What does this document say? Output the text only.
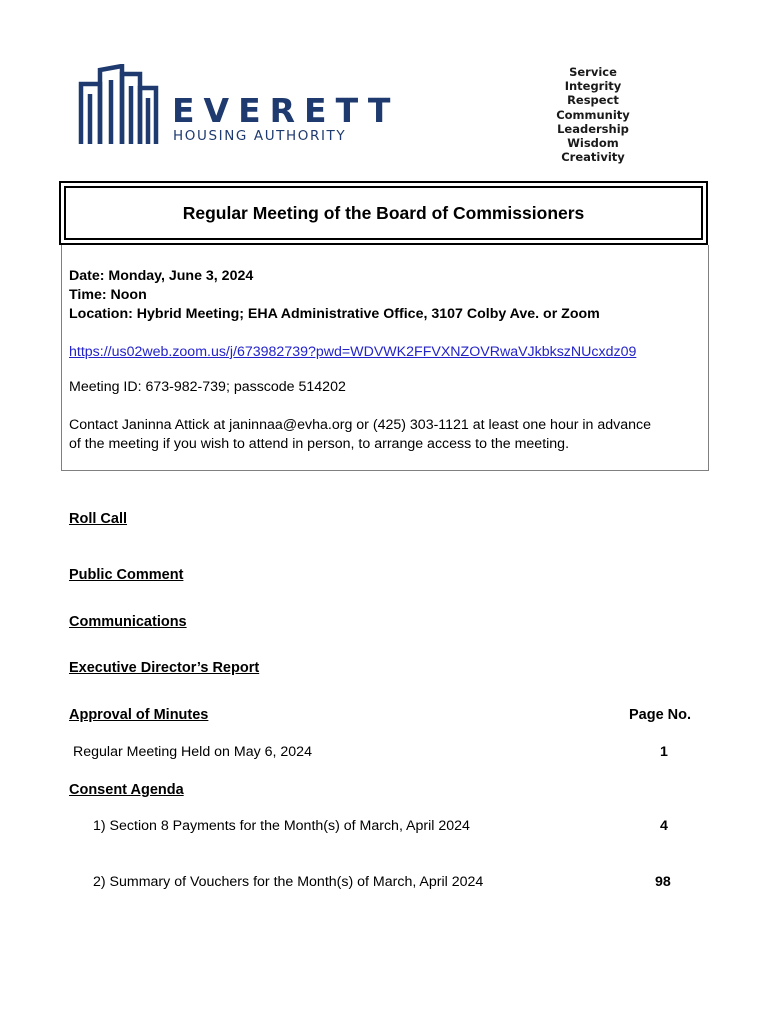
EVERETT
HOUSING AUTHORITY
Service
Integrity
Respect
Community
Leadership
Wisdom
Creativity
Regular Meeting of the Board of Commissioners
Date: Monday, June 3, 2024
Time: Noon
Location: Hybrid Meeting; EHA Administrative Office, 3107 Colby Ave. or Zoom
https://us02web.zoom.us/j/673982739?pwd=WDVWK2FFVXNZOVRwaVJkbkszNUcxdz09
Meeting ID: 673-982-739; passcode 514202
Contact Janinna Attick at janinnaa@evha.org or (425) 303-1121 at least one hour in advance
of the meeting if you wish to attend in person, to arrange access to the meeting.
Roll Call
Public Comment
Communications
Executive Director’s Report
Approval of Minutes	Page No.
Regular Meeting Held on May 6, 2024	1
Consent Agenda
1) Section 8 Payments for the Month(s) of March, April 2024	4
2) Summary of Vouchers for the Month(s) of March, April 2024	98
